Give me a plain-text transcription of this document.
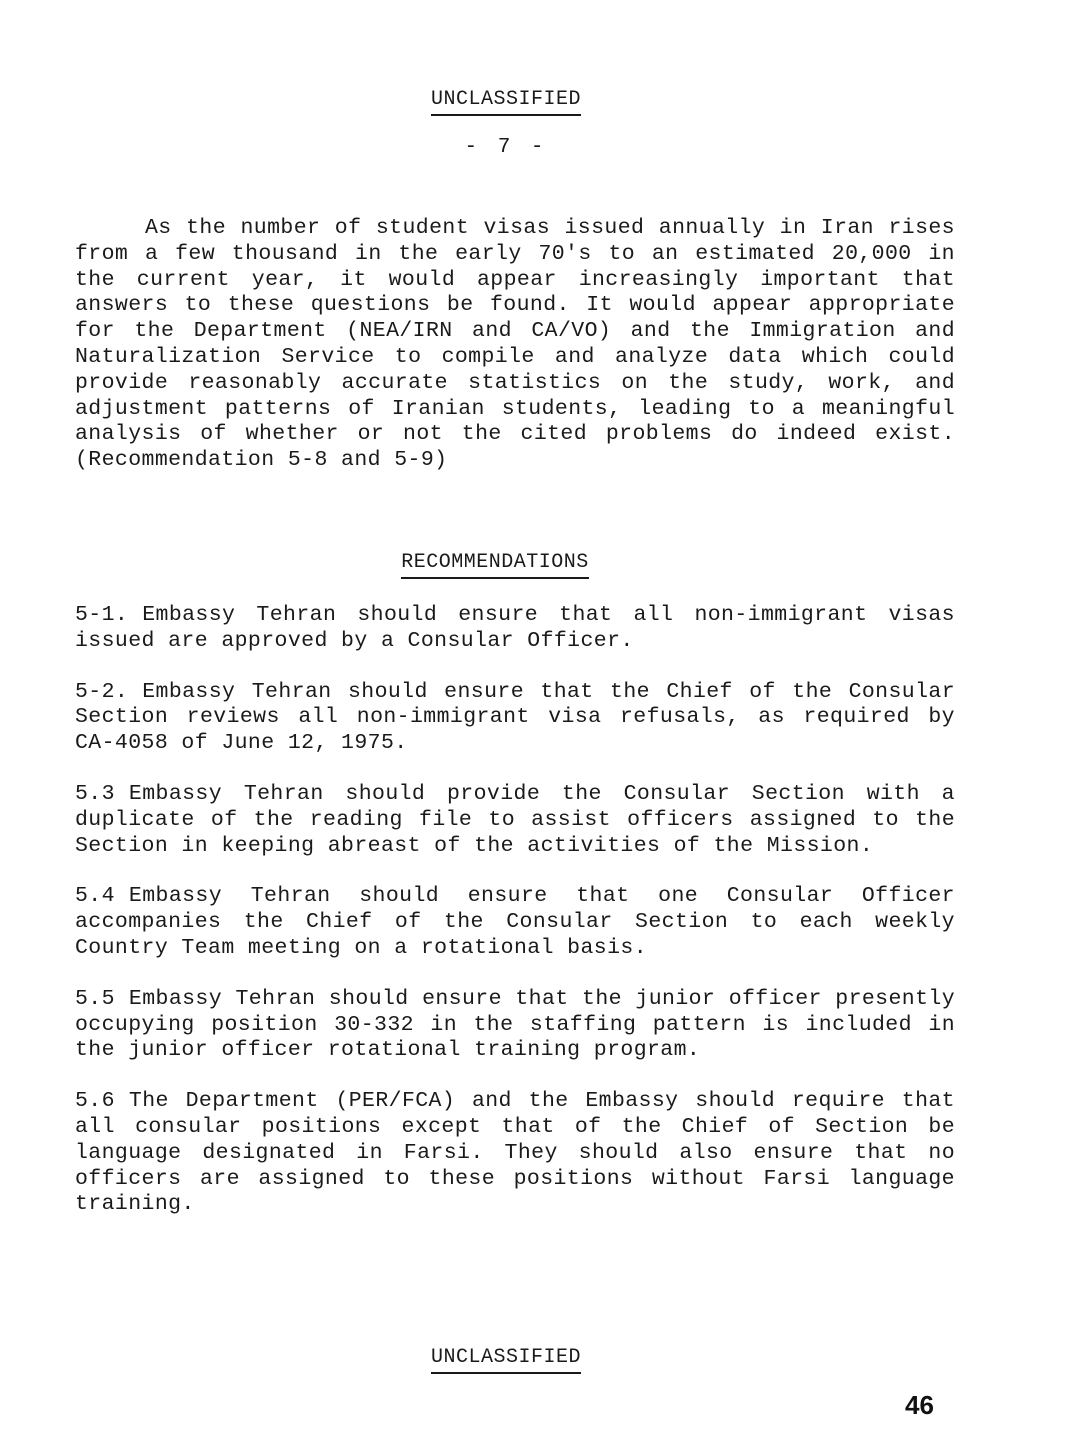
UNCLASSIFIED
- 7 -
As the number of student visas issued annually in Iran rises from a few thousand in the early 70's to an estimated 20,000 in the current year, it would appear increasingly important that answers to these questions be found. It would appear appropriate for the Department (NEA/IRN and CA/VO) and the Immigration and Naturalization Service to compile and analyze data which could provide reasonably accurate statistics on the study, work, and adjustment patterns of Iranian students, leading to a meaningful analysis of whether or not the cited problems do indeed exist. (Recommendation 5-8 and 5-9)
RECOMMENDATIONS
5-1. Embassy Tehran should ensure that all non-immigrant visas issued are approved by a Consular Officer.
5-2. Embassy Tehran should ensure that the Chief of the Consular Section reviews all non-immigrant visa refusals, as required by CA-4058 of June 12, 1975.
5.3 Embassy Tehran should provide the Consular Section with a duplicate of the reading file to assist officers assigned to the Section in keeping abreast of the activities of the Mission.
5.4 Embassy Tehran should ensure that one Consular Officer accompanies the Chief of the Consular Section to each weekly Country Team meeting on a rotational basis.
5.5 Embassy Tehran should ensure that the junior officer presently occupying position 30-332 in the staffing pattern is included in the junior officer rotational training program.
5.6 The Department (PER/FCA) and the Embassy should require that all consular positions except that of the Chief of Section be language designated in Farsi. They should also ensure that no officers are assigned to these positions without Farsi language training.
UNCLASSIFIED
46
